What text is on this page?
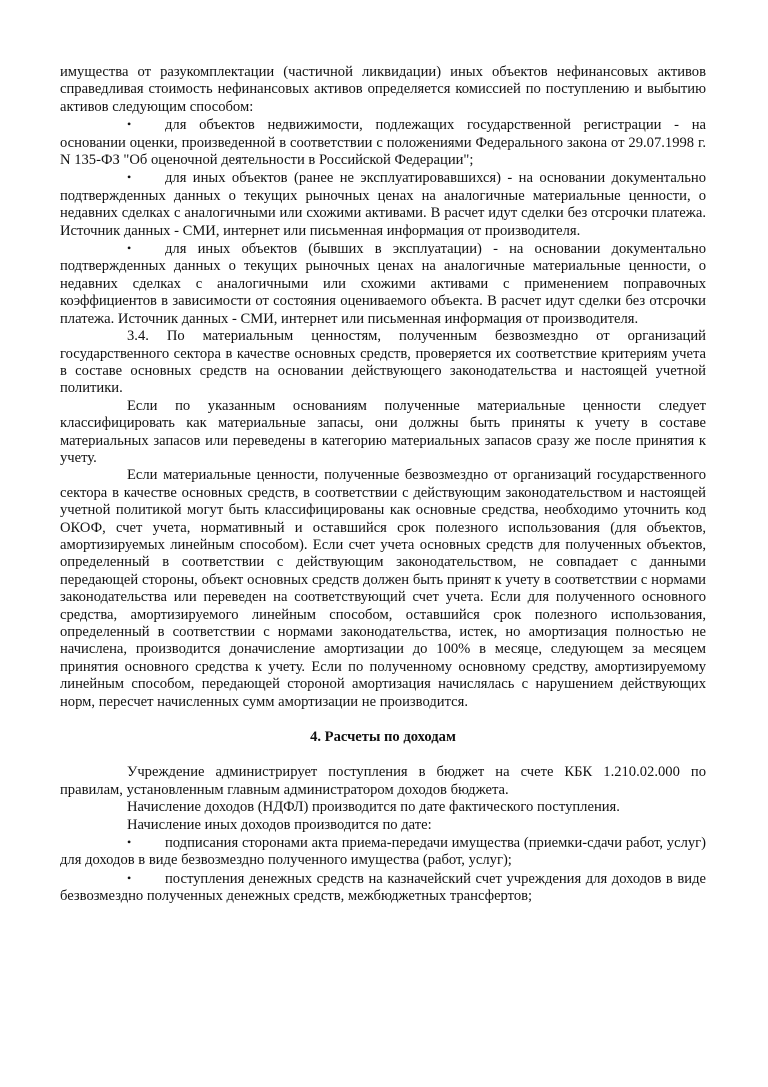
имущества от разукомплектации (частичной ликвидации) иных объектов нефинансовых активов справедливая стоимость нефинансовых активов определяется комиссией по поступлению и выбытию активов следующим способом:

• для объектов недвижимости, подлежащих государственной регистрации - на основании оценки, произведенной в соответствии с положениями Федерального закона от 29.07.1998 г. N 135-ФЗ "Об оценочной деятельности в Российской Федерации";

• для иных объектов (ранее не эксплуатировавшихся) - на основании документально подтвержденных данных о текущих рыночных ценах на аналогичные материальные ценности, о недавних сделках с аналогичными или схожими активами. В расчет идут сделки без отсрочки платежа. Источник данных - СМИ, интернет или письменная информация от производителя.

• для иных объектов (бывших в эксплуатации) - на основании документально подтвержденных данных о текущих рыночных ценах на аналогичные материальные ценности, о недавних сделках с аналогичными или схожими активами с применением поправочных коэффициентов в зависимости от состояния оцениваемого объекта. В расчет идут сделки без отсрочки платежа. Источник данных - СМИ, интернет или письменная информация от производителя.

3.4. По материальным ценностям, полученным безвозмездно от организаций государственного сектора в качестве основных средств, проверяется их соответствие критериям учета в составе основных средств на основании действующего законодательства и настоящей учетной политики.

Если по указанным основаниям полученные материальные ценности следует классифицировать как материальные запасы, они должны быть приняты к учету в составе материальных запасов или переведены в категорию материальных запасов сразу же после принятия к учету.

Если материальные ценности, полученные безвозмездно от организаций государственного сектора в качестве основных средств, в соответствии с действующим законодательством и настоящей учетной политикой могут быть классифицированы как основные средства, необходимо уточнить код ОКОФ, счет учета, нормативный и оставшийся срок полезного использования (для объектов, амортизируемых линейным способом). Если счет учета основных средств для полученных объектов, определенный в соответствии с действующим законодательством, не совпадает с данными передающей стороны, объект основных средств должен быть принят к учету в соответствии с нормами законодательства или переведен на соответствующий счет учета. Если для полученного основного средства, амортизируемого линейным способом, оставшийся срок полезного использования, определенный в соответствии с нормами законодательства, истек, но амортизация полностью не начислена, производится доначисление амортизации до 100% в месяце, следующем за месяцем принятия основного средства к учету. Если по полученному основному средству, амортизируемому линейным способом, передающей стороной амортизация начислялась с нарушением действующих норм, пересчет начисленных сумм амортизации не производится.

4. Расчеты по доходам

Учреждение администрирует поступления в бюджет на счете КБК 1.210.02.000 по правилам, установленным главным администратором доходов бюджета.

Начисление доходов (НДФЛ) производится по дате фактического поступления.

Начисление иных доходов производится по дате:

• подписания сторонами акта приема-передачи имущества (приемки-сдачи работ, услуг) для доходов в виде безвозмездно полученного имущества (работ, услуг);

• поступления денежных средств на казначейский счет учреждения для доходов в виде безвозмездно полученных денежных средств, межбюджетных трансфертов;
